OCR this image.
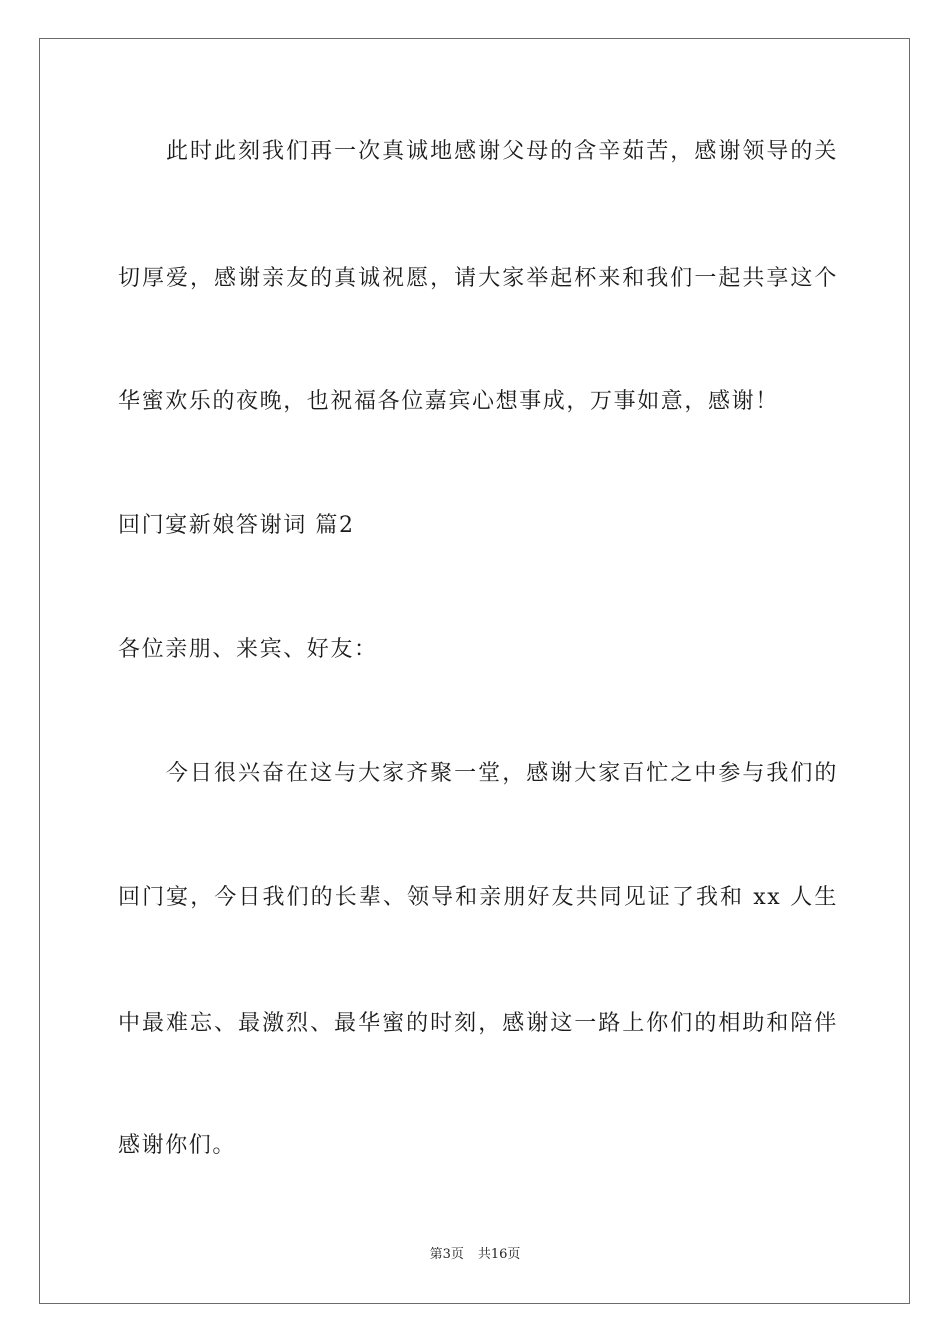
此时此刻我们再一次真诚地感谢父母的含辛茹苦，感谢领导的关
切厚爱，感谢亲友的真诚祝愿，请大家举起杯来和我们一起共享这个
华蜜欢乐的夜晚，也祝福各位嘉宾心想事成，万事如意，感谢！
回门宴新娘答谢词 篇2
各位亲朋、来宾、好友：
今日很兴奋在这与大家齐聚一堂，感谢大家百忙之中参与我们的
回门宴，今日我们的长辈、领导和亲朋好友共同见证了我和 xx 人生
中最难忘、最激烈、最华蜜的时刻，感谢这一路上你们的相助和陪伴
感谢你们。
第3页 共16页
